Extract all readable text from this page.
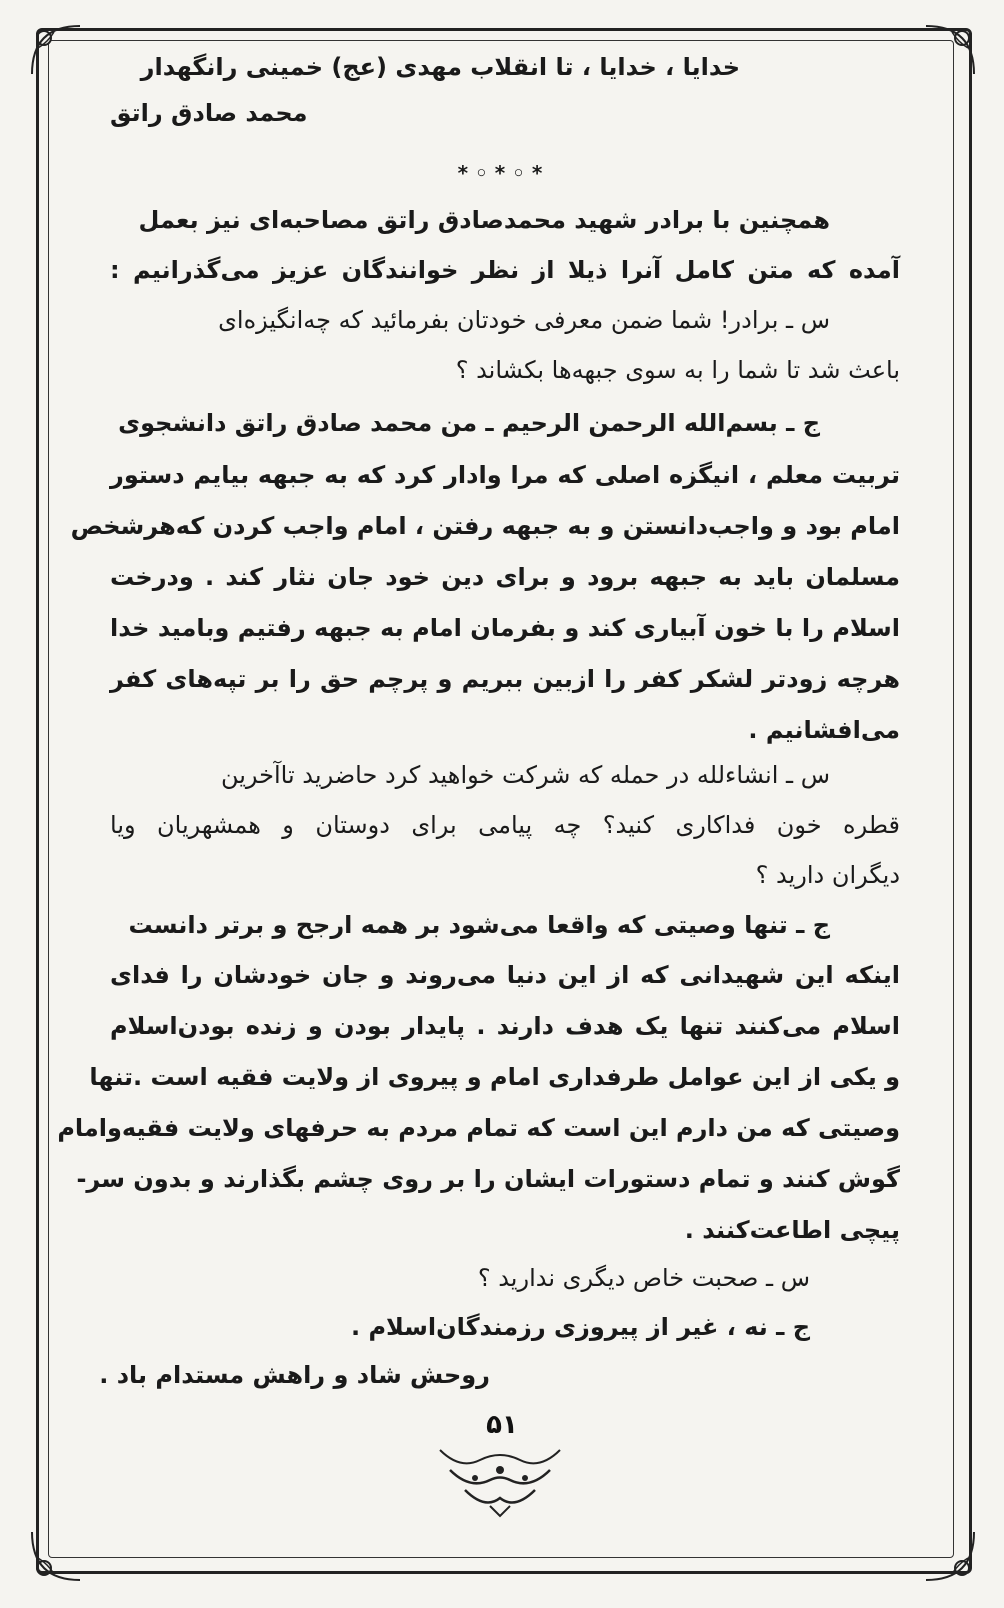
خدایا ، خدایا ، تا انقلاب مهدی (عج) خمینی رانگهدار
محمد صادق راتق
* ◦ * ◦ *
همچنین با برادر شهید محمدصادق راتق مصاحبه‌ای نیز بعمل
آمده که متن کامل آنرا ذیلا از نظر خوانندگان عزیز می‌گذرانیم :
س ـ برادر! شما ضمن معرفی خودتان بفرمائید که چه‌انگیزه‌ای
باعث شد تا شما را به سوی جبهه‌ها بکشاند ؟
ج ـ بسم‌الله الرحمن الرحیم ـ من محمد صادق راتق دانشجوی
تربیت معلم ، انیگزه اصلی که مرا وادار کرد که به جبهه بیایم دستور
امام بود و واجب‌دانستن و به جبهه رفتن ، امام واجب کردن که‌هرشخص
مسلمان باید به جبهه برود و برای دین خود جان نثار کند . ودرخت
اسلام را با خون آبیاری کند و بفرمان امام به جبهه رفتیم وبامید خدا
هرچه زودتر لشکر کفر را ازبین ببریم و پرچم حق را بر تپه‌های کفر
می‌افشانیم .
س ـ انشاءلله در حمله که شرکت خواهید کرد حاضرید تاآخرین
قطره خون فداکاری کنید؟ چه پیامی برای دوستان و همشهریان ویا
دیگران دارید ؟
ج ـ تنها وصیتی که واقعا می‌شود بر همه ارجح و برتر دانست
اینکه این شهیدانی که از این دنیا می‌روند و جان خودشان را فدای
اسلام می‌کنند تنها یک هدف دارند . پایدار بودن و زنده بودن‌اسلام
و یکی از این عوامل طرفداری امام و پیروی از ولایت فقیه است .تنها
وصیتی که من دارم این است که تمام مردم به حرفهای ولایت فقیه‌وامام
گوش کنند و تمام دستورات ایشان را بر روی چشم بگذارند و بدون سر-
پیچی اطاعت‌کنند .
س ـ صحبت خاص دیگری ندارید ؟
ج ـ نه ، غیر از پیروزی رزمندگان‌اسلام .
روحش شاد و راهش مستدام باد .
۵۱
